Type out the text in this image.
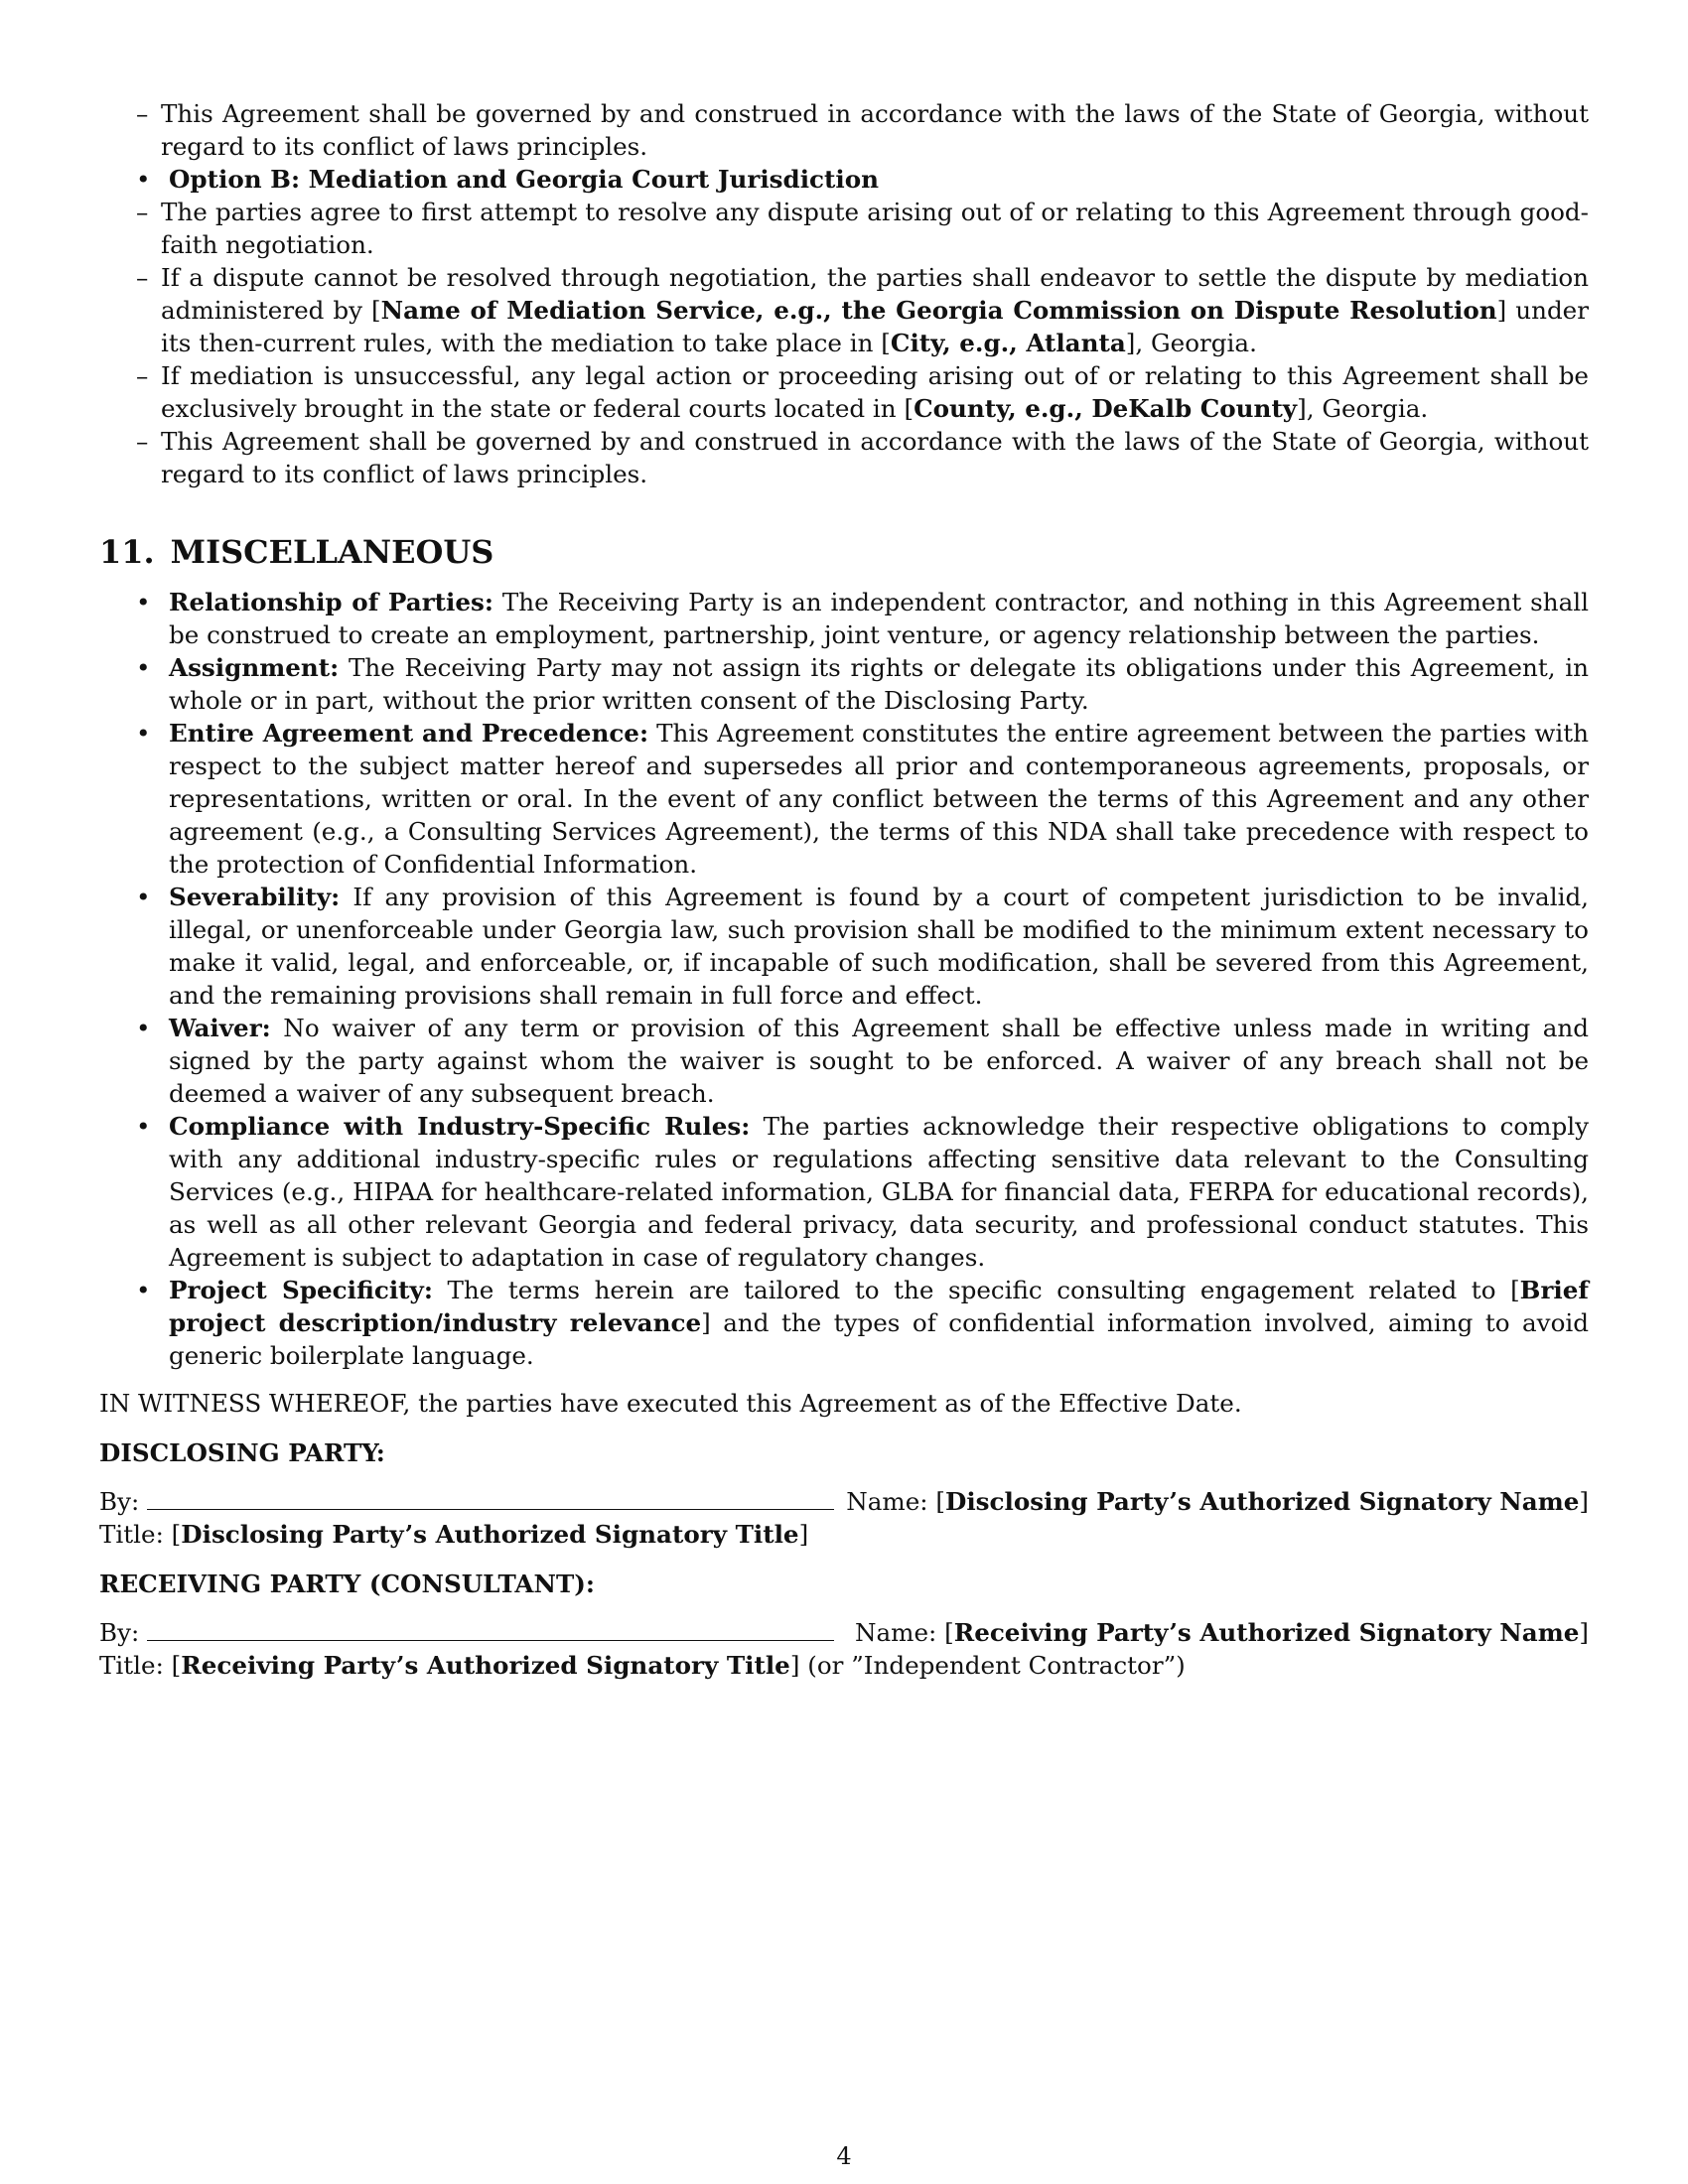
– This Agreement shall be governed by and construed in accordance with the laws of the State of Georgia, without regard to its conflict of laws principles.
• Option B: Mediation and Georgia Court Jurisdiction
– The parties agree to first attempt to resolve any dispute arising out of or relating to this Agreement through good-faith negotiation.
– If a dispute cannot be resolved through negotiation, the parties shall endeavor to settle the dispute by mediation administered by [Name of Mediation Service, e.g., the Georgia Commission on Dispute Resolution] under its then-current rules, with the mediation to take place in [City, e.g., Atlanta], Georgia.
– If mediation is unsuccessful, any legal action or proceeding arising out of or relating to this Agreement shall be exclusively brought in the state or federal courts located in [County, e.g., DeKalb County], Georgia.
– This Agreement shall be governed by and construed in accordance with the laws of the State of Georgia, without regard to its conflict of laws principles.
11. MISCELLANEOUS
• Relationship of Parties: The Receiving Party is an independent contractor, and nothing in this Agreement shall be construed to create an employment, partnership, joint venture, or agency relationship between the parties.
• Assignment: The Receiving Party may not assign its rights or delegate its obligations under this Agreement, in whole or in part, without the prior written consent of the Disclosing Party.
• Entire Agreement and Precedence: This Agreement constitutes the entire agreement between the parties with respect to the subject matter hereof and supersedes all prior and contemporaneous agreements, proposals, or representations, written or oral. In the event of any conflict between the terms of this Agreement and any other agreement (e.g., a Consulting Services Agreement), the terms of this NDA shall take precedence with respect to the protection of Confidential Information.
• Severability: If any provision of this Agreement is found by a court of competent jurisdiction to be invalid, illegal, or unenforceable under Georgia law, such provision shall be modified to the minimum extent necessary to make it valid, legal, and enforceable, or, if incapable of such modification, shall be severed from this Agreement, and the remaining provisions shall remain in full force and effect.
• Waiver: No waiver of any term or provision of this Agreement shall be effective unless made in writing and signed by the party against whom the waiver is sought to be enforced. A waiver of any breach shall not be deemed a waiver of any subsequent breach.
• Compliance with Industry-Specific Rules: The parties acknowledge their respective obligations to comply with any additional industry-specific rules or regulations affecting sensitive data relevant to the Consulting Services (e.g., HIPAA for healthcare-related information, GLBA for financial data, FERPA for educational records), as well as all other relevant Georgia and federal privacy, data security, and professional conduct statutes. This Agreement is subject to adaptation in case of regulatory changes.
• Project Specificity: The terms herein are tailored to the specific consulting engagement related to [Brief project description/industry relevance] and the types of confidential information involved, aiming to avoid generic boilerplate language.

IN WITNESS WHEREOF, the parties have executed this Agreement as of the Effective Date.

DISCLOSING PARTY:

By:	Name: [Disclosing Party’s Authorized Signatory Name]
Title: [Disclosing Party’s Authorized Signatory Title]

RECEIVING PARTY (CONSULTANT):

By:	Name: [Receiving Party’s Authorized Signatory Name]
Title: [Receiving Party’s Authorized Signatory Title] (or ”Independent Contractor”)
4
